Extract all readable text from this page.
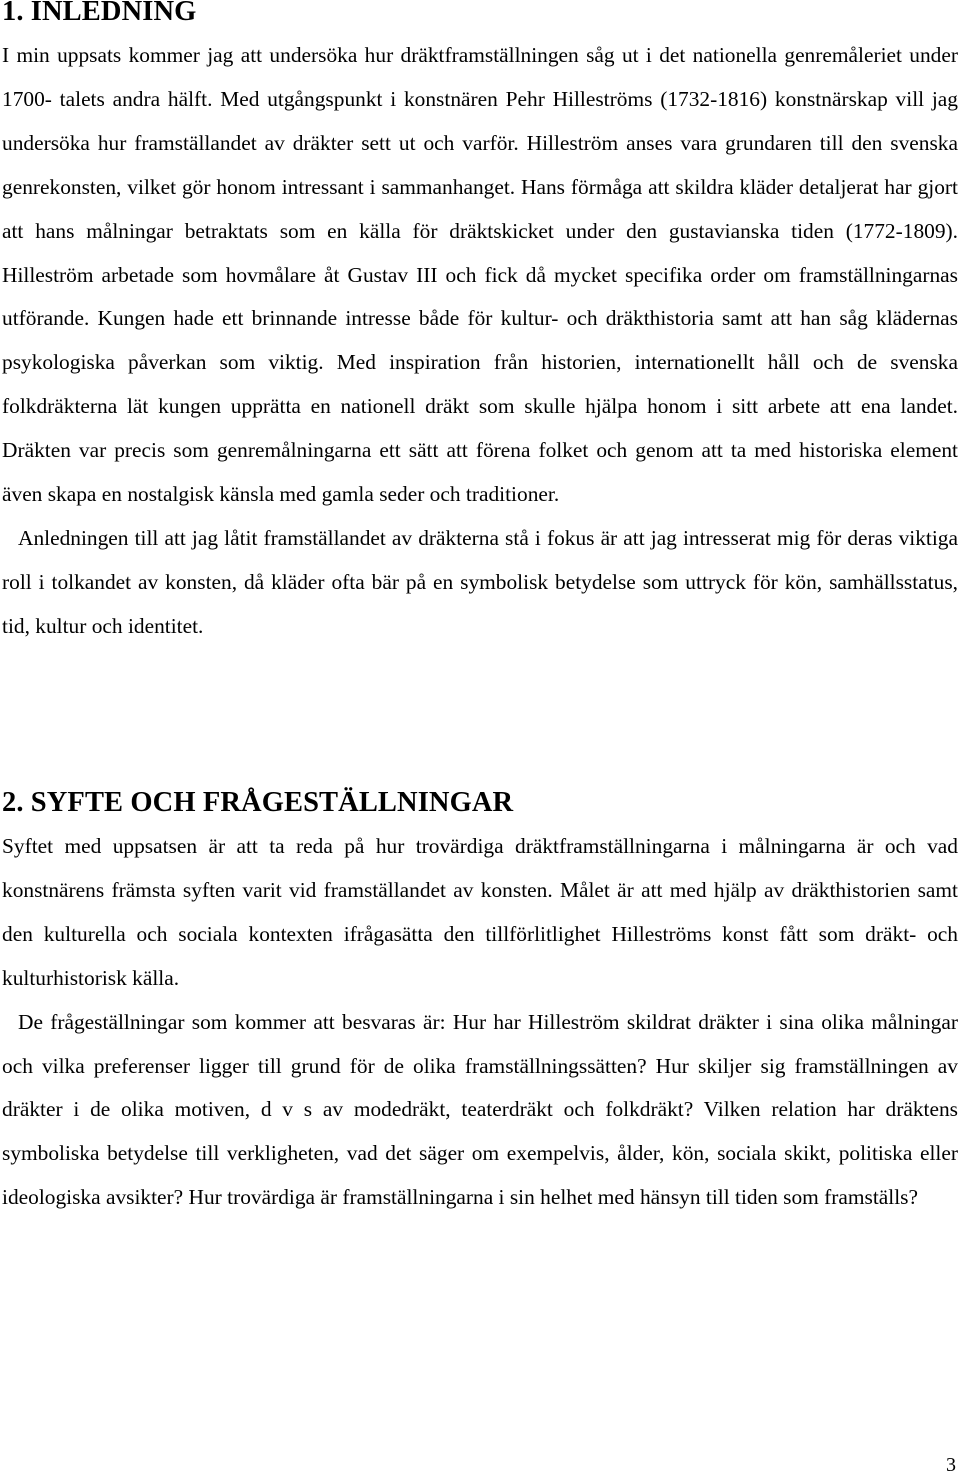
1. INLEDNING

I min uppsats kommer jag att undersöka hur dräktframställningen såg ut i det nationella genremåleriet under 1700- talets andra hälft. Med utgångspunkt i konstnären Pehr Hilleströms (1732-1816) konstnärskap vill jag undersöka hur framställandet av dräkter sett ut och varför. Hilleström anses vara grundaren till den svenska genrekonsten, vilket gör honom intressant i sammanhanget. Hans förmåga att skildra kläder detaljerat har gjort att hans målningar betraktats som en källa för dräktskicket under den gustavianska tiden (1772-1809). Hilleström arbetade som hovmålare åt Gustav III och fick då mycket specifika order om framställningarnas utförande. Kungen hade ett brinnande intresse både för kultur- och dräkthistoria samt att han såg klädernas psykologiska påverkan som viktig. Med inspiration från historien, internationellt håll och de svenska folkdräkterna lät kungen upprätta en nationell dräkt som skulle hjälpa honom i sitt arbete att ena landet. Dräkten var precis som genremålningarna ett sätt att förena folket och genom att ta med historiska element även skapa en nostalgisk känsla med gamla seder och traditioner.

Anledningen till att jag låtit framställandet av dräkterna stå i fokus är att jag intresserat mig för deras viktiga roll i tolkandet av konsten, då kläder ofta bär på en symbolisk betydelse som uttryck för kön, samhällsstatus, tid, kultur och identitet.

2. SYFTE OCH FRÅGESTÄLLNINGAR

Syftet med uppsatsen är att ta reda på hur trovärdiga dräktframställningarna i målningarna är och vad konstnärens främsta syften varit vid framställandet av konsten. Målet är att med hjälp av dräkthistorien samt den kulturella och sociala kontexten ifrågasätta den tillförlitlighet Hilleströms konst fått som dräkt- och kulturhistorisk källa.

De frågeställningar som kommer att besvaras är: Hur har Hilleström skildrat dräkter i sina olika målningar och vilka preferenser ligger till grund för de olika framställningssätten? Hur skiljer sig framställningen av dräkter i de olika motiven, d v s av modedräkt, teaterdräkt och folkdräkt? Vilken relation har dräktens symboliska betydelse till verkligheten, vad det säger om exempelvis, ålder, kön, sociala skikt, politiska eller ideologiska avsikter? Hur trovärdiga är framställningarna i sin helhet med hänsyn till tiden som framställs?

3
